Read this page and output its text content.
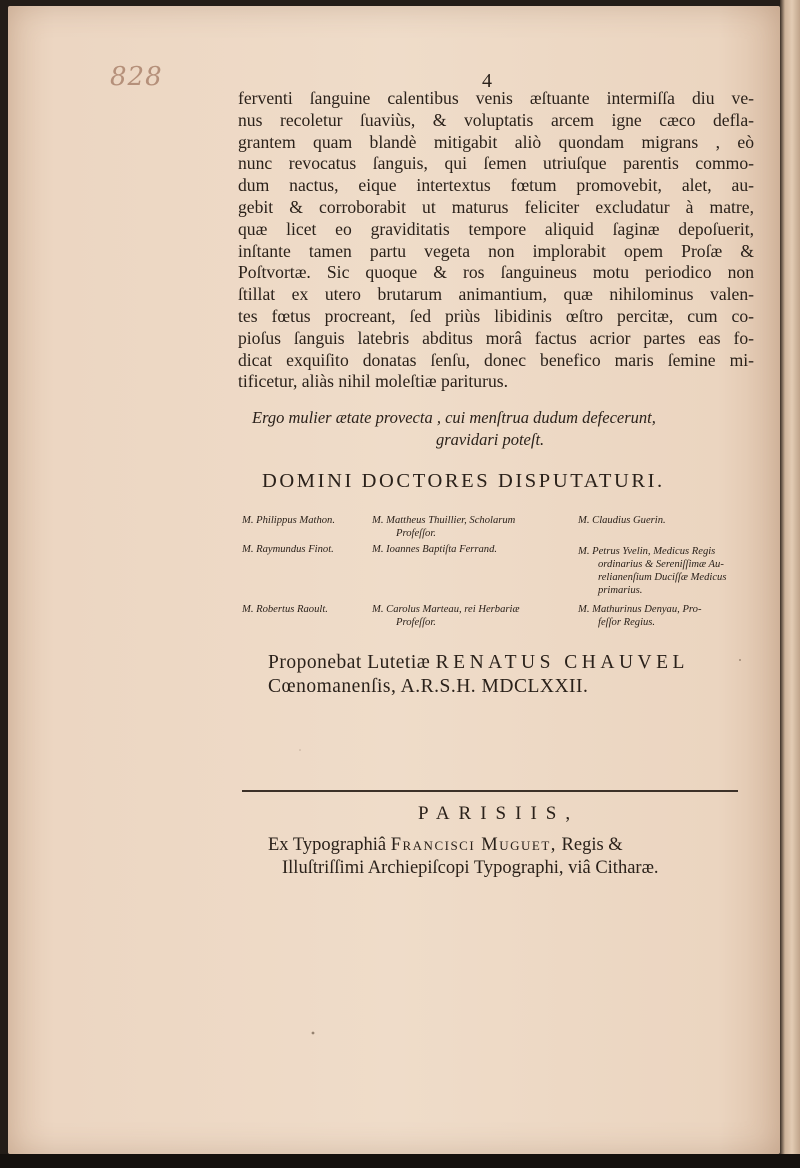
828	4
ferventi ſanguine calentibus venis æſtuante intermiſſa diu ve-
nus recoletur ſuaviùs, & voluptatis arcem igne cæco defla-
grantem quam blandè mitigabit aliò quondam migrans , eò
nunc revocatus ſanguis, qui ſemen utriuſque parentis commo-
dum nactus, eique intertextus fœtum promovebit, alet, au-
gebit & corroborabit ut maturus feliciter excludatur à matre,
quæ licet eo graviditatis tempore aliquid ſaginæ depoſuerit,
inſtante tamen partu vegeta non implorabit opem Proſæ &
Poſtvortæ. Sic quoque & ros ſanguineus motu periodico non
ſtillat ex utero brutarum animantium, quæ nihilominus valen-
tes fœtus procreant, ſed priùs libidinis œſtro percitæ, cum co-
pioſus ſanguis latebris abditus morâ factus acrior partes eas fo-
dicat exquiſito donatas ſenſu, donec benefico maris ſemine mi-
tificetur, aliàs nihil moleſtiæ pariturus.
Ergo mulier ætate provecta , cui menſtrua dudum defecerunt,
gravidari poteſt.
DOMINI DOCTORES DISPUTATURI.
M. Philippus Mathon.
M. Raymundus Finot.
M. Robertus Raoult.
M. Mattheus Thuillier, Scholarum
Profeſſor.
M. Ioannes Baptiſta Ferrand.
M. Carolus Marteau, rei Herbariæ
Profeſſor.
M. Claudius Guerin.
M. Petrus Yvelin, Medicus Regis
ordinarius & Sereniſſimæ Au-
relianenſium Duciſſæ Medicus
primarius.
M. Mathurinus Denyau, Pro-
feſſor Regius.
Proponebat Lutetiæ RENATUS CHAUVEL
Cœnomanenſis, A.R.S.H. MDCLXXII.
PARISIIS,
Ex Typographiâ Francisci Muguet, Regis &
Illuſtriſſimi Archiepiſcopi Typographi, viâ Citharæ.
